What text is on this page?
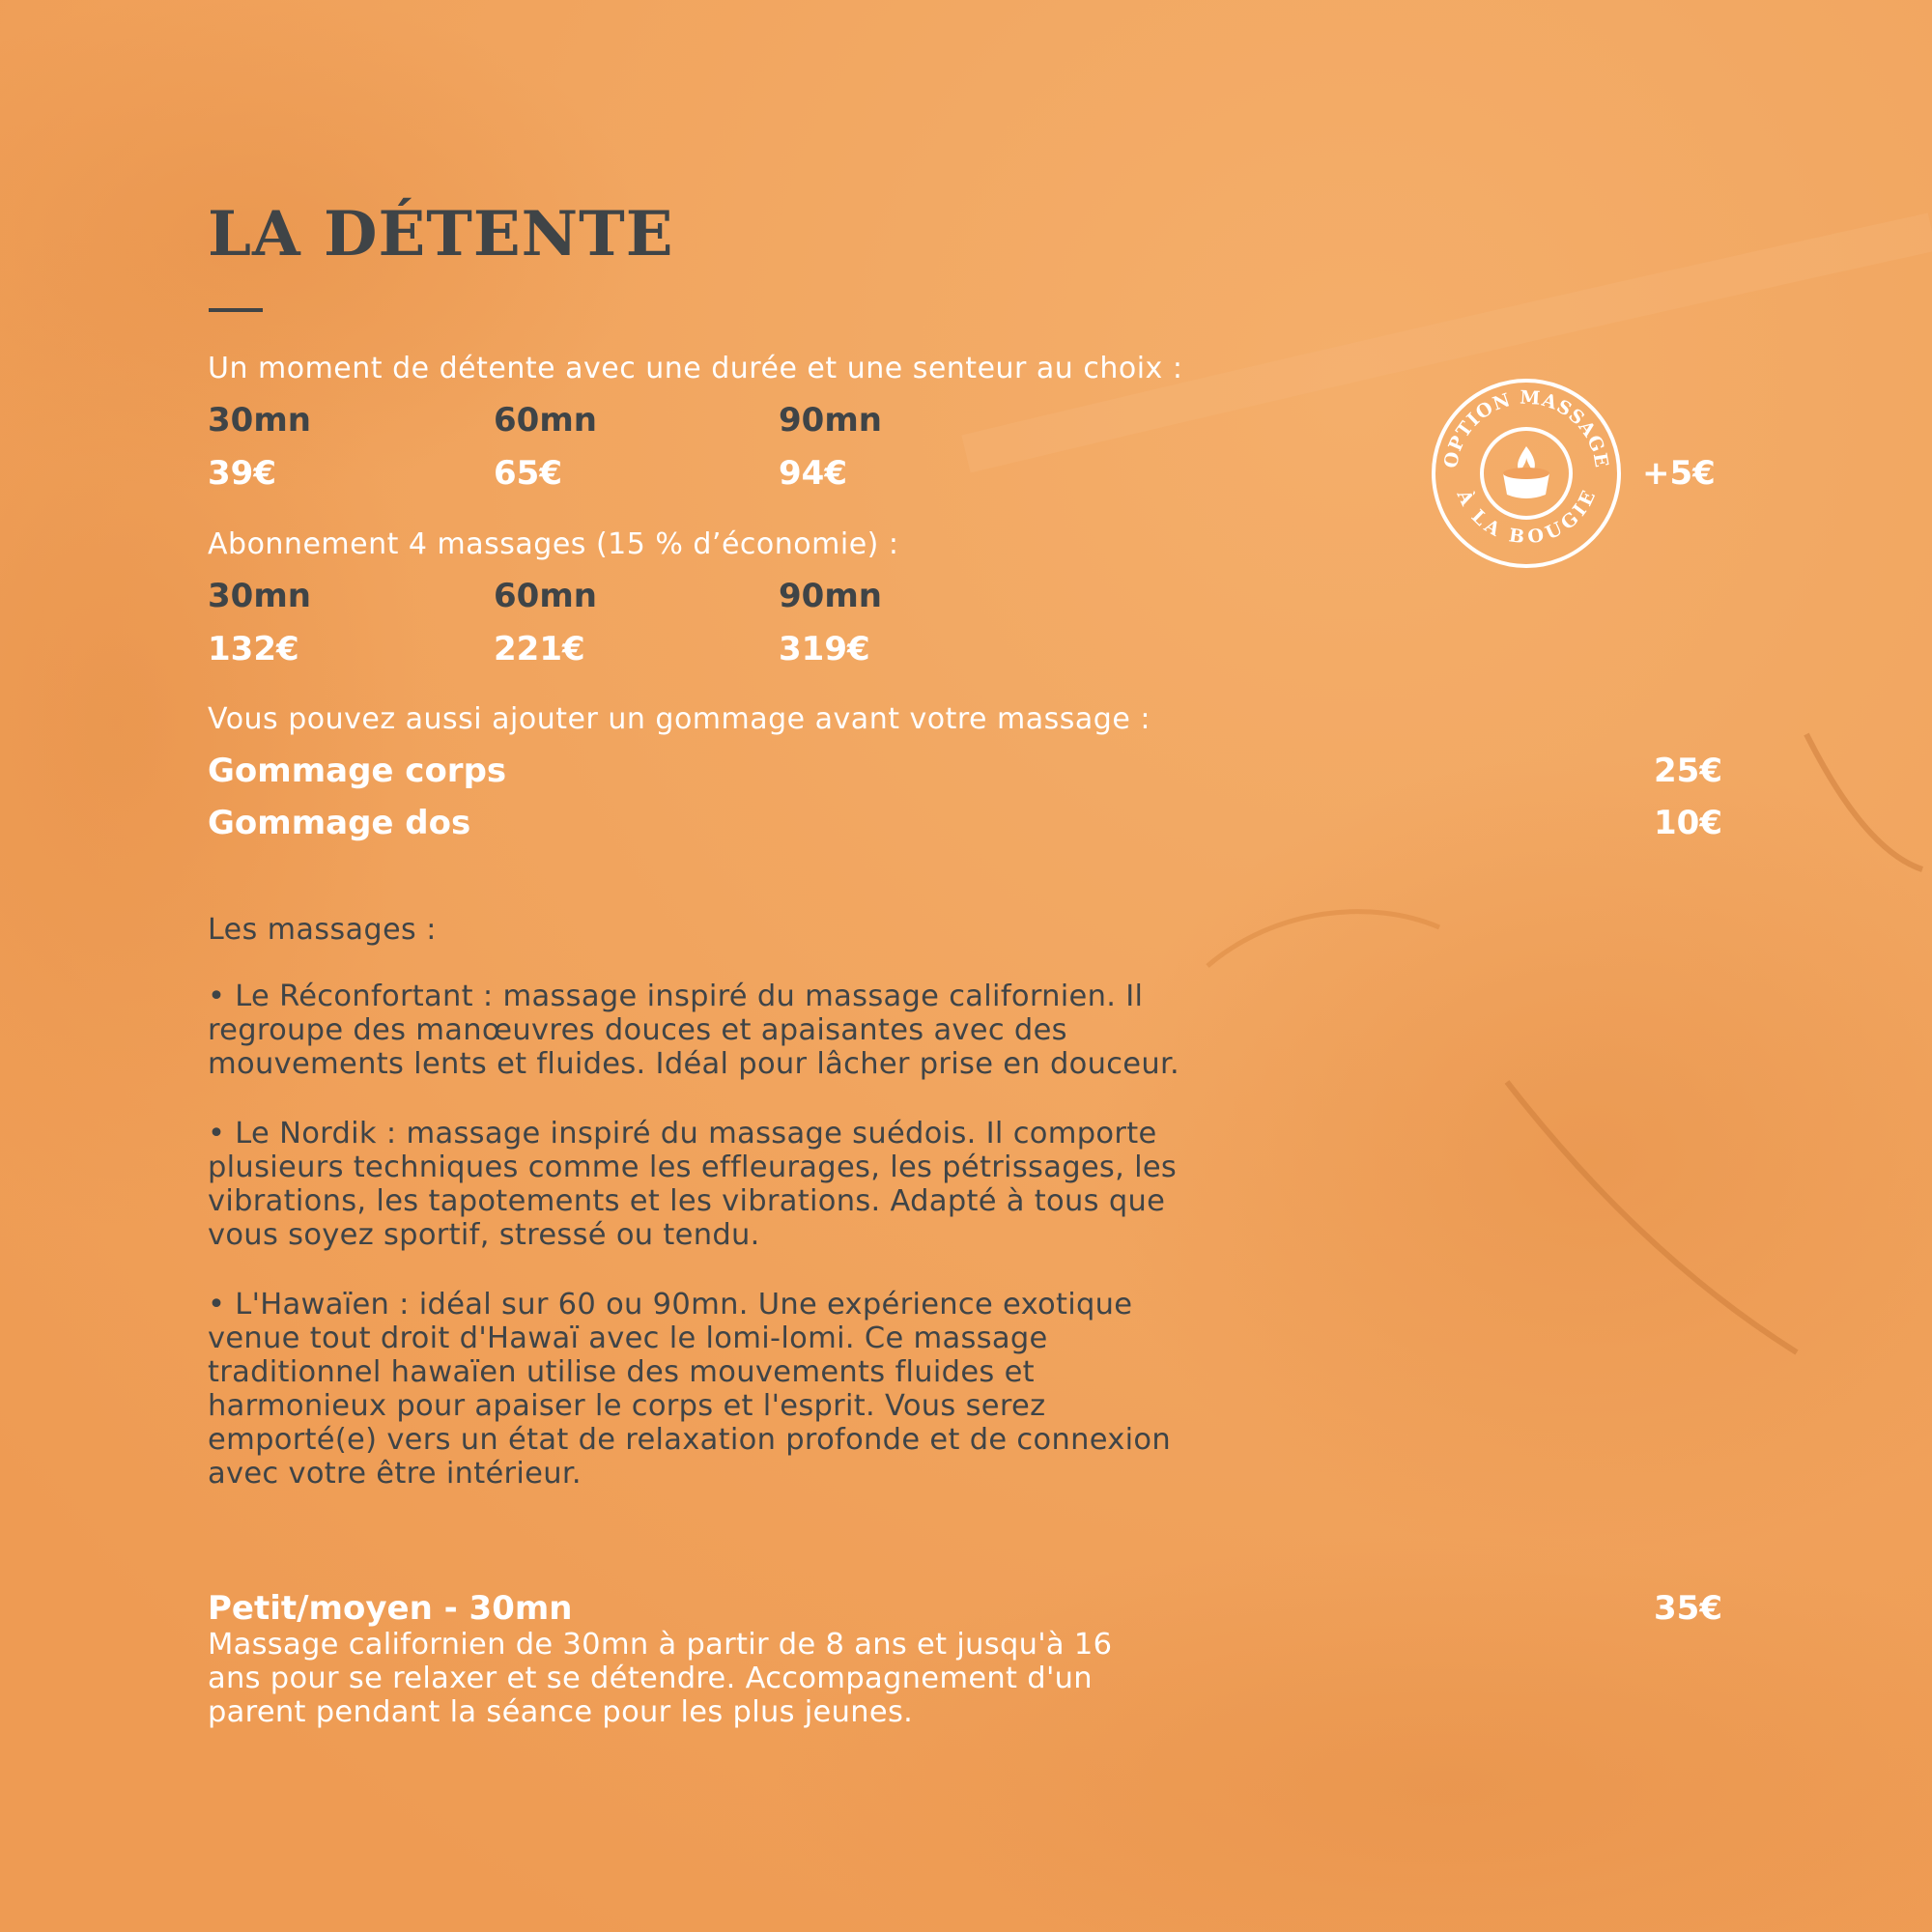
LA DÉTENTE
Un moment de détente avec une durée et une senteur au choix :
30mn	60mn	90mn
39€	65€	94€	OPTION MASSAGE
À LA BOUGIE
+5€
Abonnement 4 massages (15 % d’économie) :
30mn	60mn	90mn
132€	221€	319€
Vous pouvez aussi ajouter un gommage avant votre massage :
Gommage corps	25€
Gommage dos	10€
Les massages :

• Le Réconfortant : massage inspiré du massage californien. Il
regroupe des manœuvres douces et apaisantes avec des
mouvements lents et fluides. Idéal pour lâcher prise en douceur.

• Le Nordik : massage inspiré du massage suédois. Il comporte
plusieurs techniques comme les effleurages, les pétrissages, les
vibrations, les tapotements et les vibrations. Adapté à tous que
vous soyez sportif, stressé ou tendu.

• L'Hawaïen : idéal sur 60 ou 90mn. Une expérience exotique
venue tout droit d'Hawaï avec le lomi-lomi. Ce massage
traditionnel hawaïen utilise des mouvements fluides et
harmonieux pour apaiser le corps et l'esprit. Vous serez
emporté(e) vers un état de relaxation profonde et de connexion
avec votre être intérieur.

Petit/moyen - 30mn	35€

Massage californien de 30mn à partir de 8 ans et jusqu'à 16
ans pour se relaxer et se détendre. Accompagnement d'un
parent pendant la séance pour les plus jeunes.
